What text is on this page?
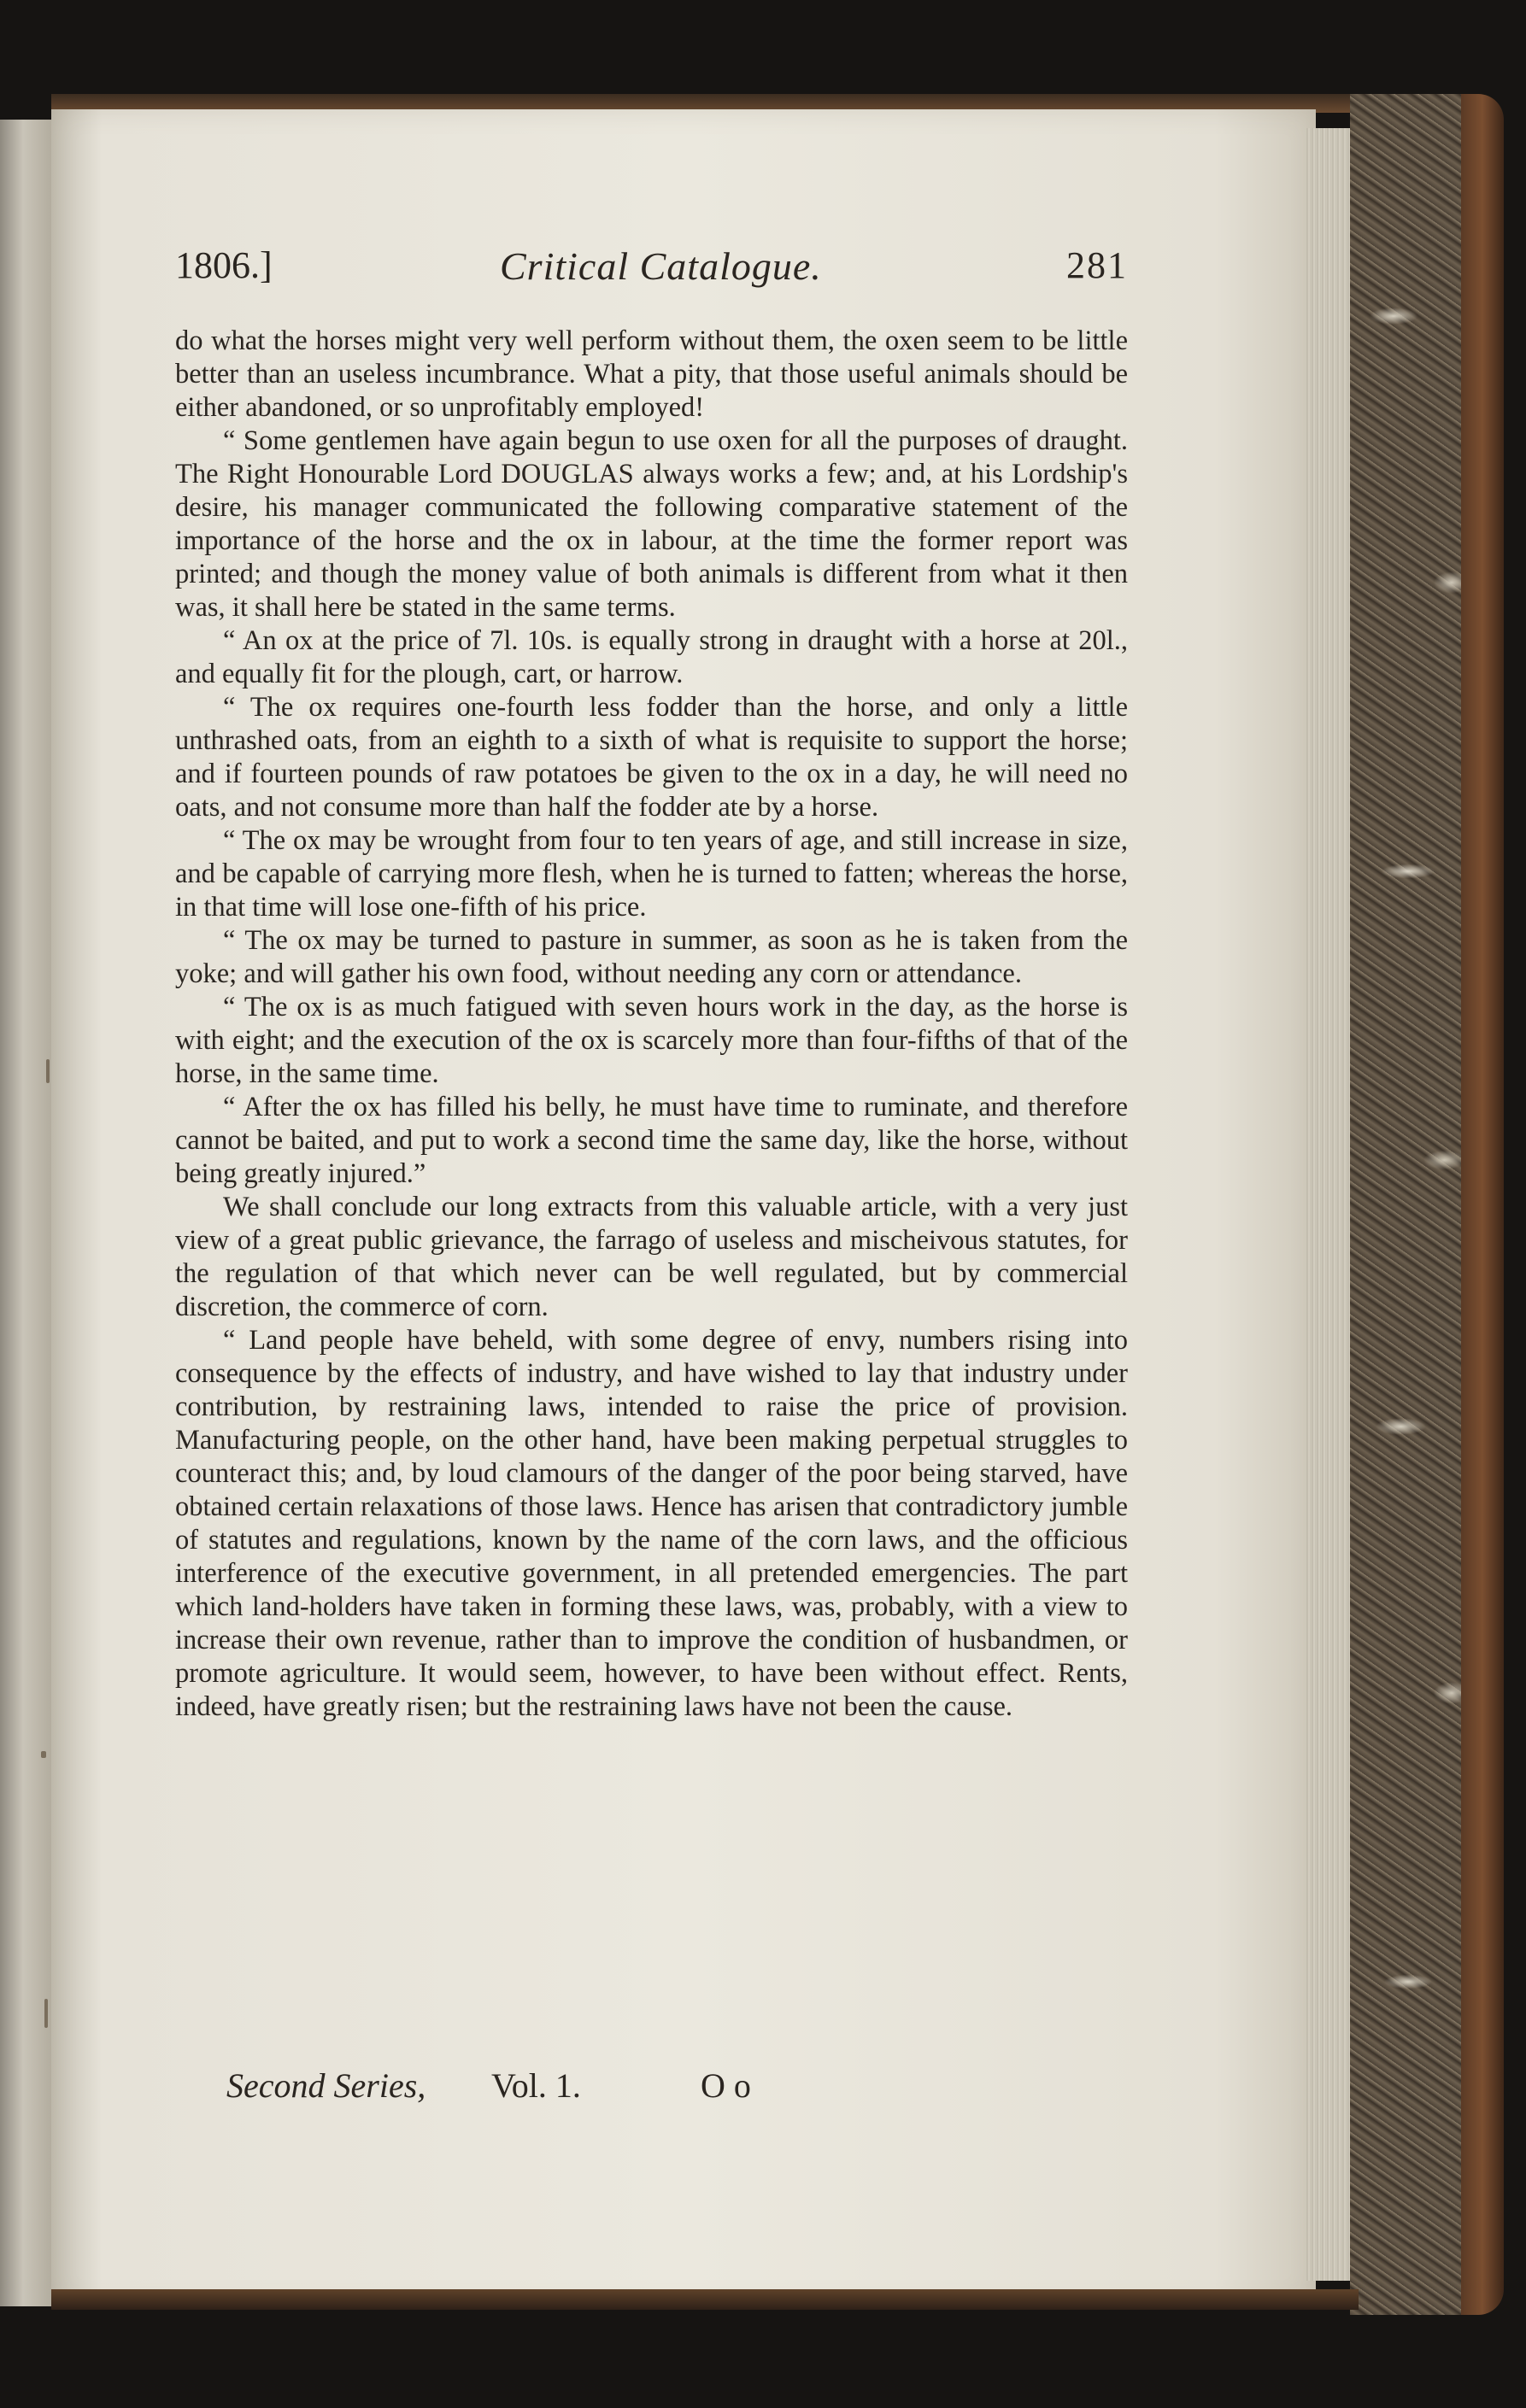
1806.]	Critical Catalogue.	281

do what the horses might very well perform without them, the oxen seem to be little better than an useless incumbrance. What a pity, that those useful animals should be either abandoned, or so unprofitably employed!

“ Some gentlemen have again begun to use oxen for all the purposes of draught. The Right Honourable Lord DOUGLAS always works a few; and, at his Lordship's desire, his manager communicated the following comparative statement of the importance of the horse and the ox in labour, at the time the former report was printed; and though the money value of both animals is different from what it then was, it shall here be stated in the same terms.

“ An ox at the price of 7l. 10s. is equally strong in draught with a horse at 20l., and equally fit for the plough, cart, or harrow.

“ The ox requires one-fourth less fodder than the horse, and only a little unthrashed oats, from an eighth to a sixth of what is requisite to support the horse; and if fourteen pounds of raw potatoes be given to the ox in a day, he will need no oats, and not consume more than half the fodder ate by a horse.

“ The ox may be wrought from four to ten years of age, and still increase in size, and be capable of carrying more flesh, when he is turned to fatten; whereas the horse, in that time will lose one-fifth of his price.

“ The ox may be turned to pasture in summer, as soon as he is taken from the yoke; and will gather his own food, without needing any corn or attendance.

“ The ox is as much fatigued with seven hours work in the day, as the horse is with eight; and the execution of the ox is scarcely more than four-fifths of that of the horse, in the same time.

“ After the ox has filled his belly, he must have time to ruminate, and therefore cannot be baited, and put to work a second time the same day, like the horse, without being greatly injured.”

We shall conclude our long extracts from this valuable article, with a very just view of a great public grievance, the farrago of useless and mischeivous statutes, for the regulation of that which never can be well regulated, but by commercial discretion, the commerce of corn.

“ Land people have beheld, with some degree of envy, numbers rising into consequence by the effects of industry, and have wished to lay that industry under contribution, by restraining laws, intended to raise the price of provision. Manufacturing people, on the other hand, have been making perpetual struggles to counteract this; and, by loud clamours of the danger of the poor being starved, have obtained certain relaxations of those laws. Hence has arisen that contradictory jumble of statutes and regulations, known by the name of the corn laws, and the officious interference of the executive government, in all pretended emergencies. The part which land-holders have taken in forming these laws, was, probably, with a view to increase their own revenue, rather than to improve the condition of husbandmen, or promote agriculture. It would seem, however, to have been without effect. Rents, indeed, have greatly risen; but the restraining laws have not been the cause.

Second Series, Vol. 1.	O o
